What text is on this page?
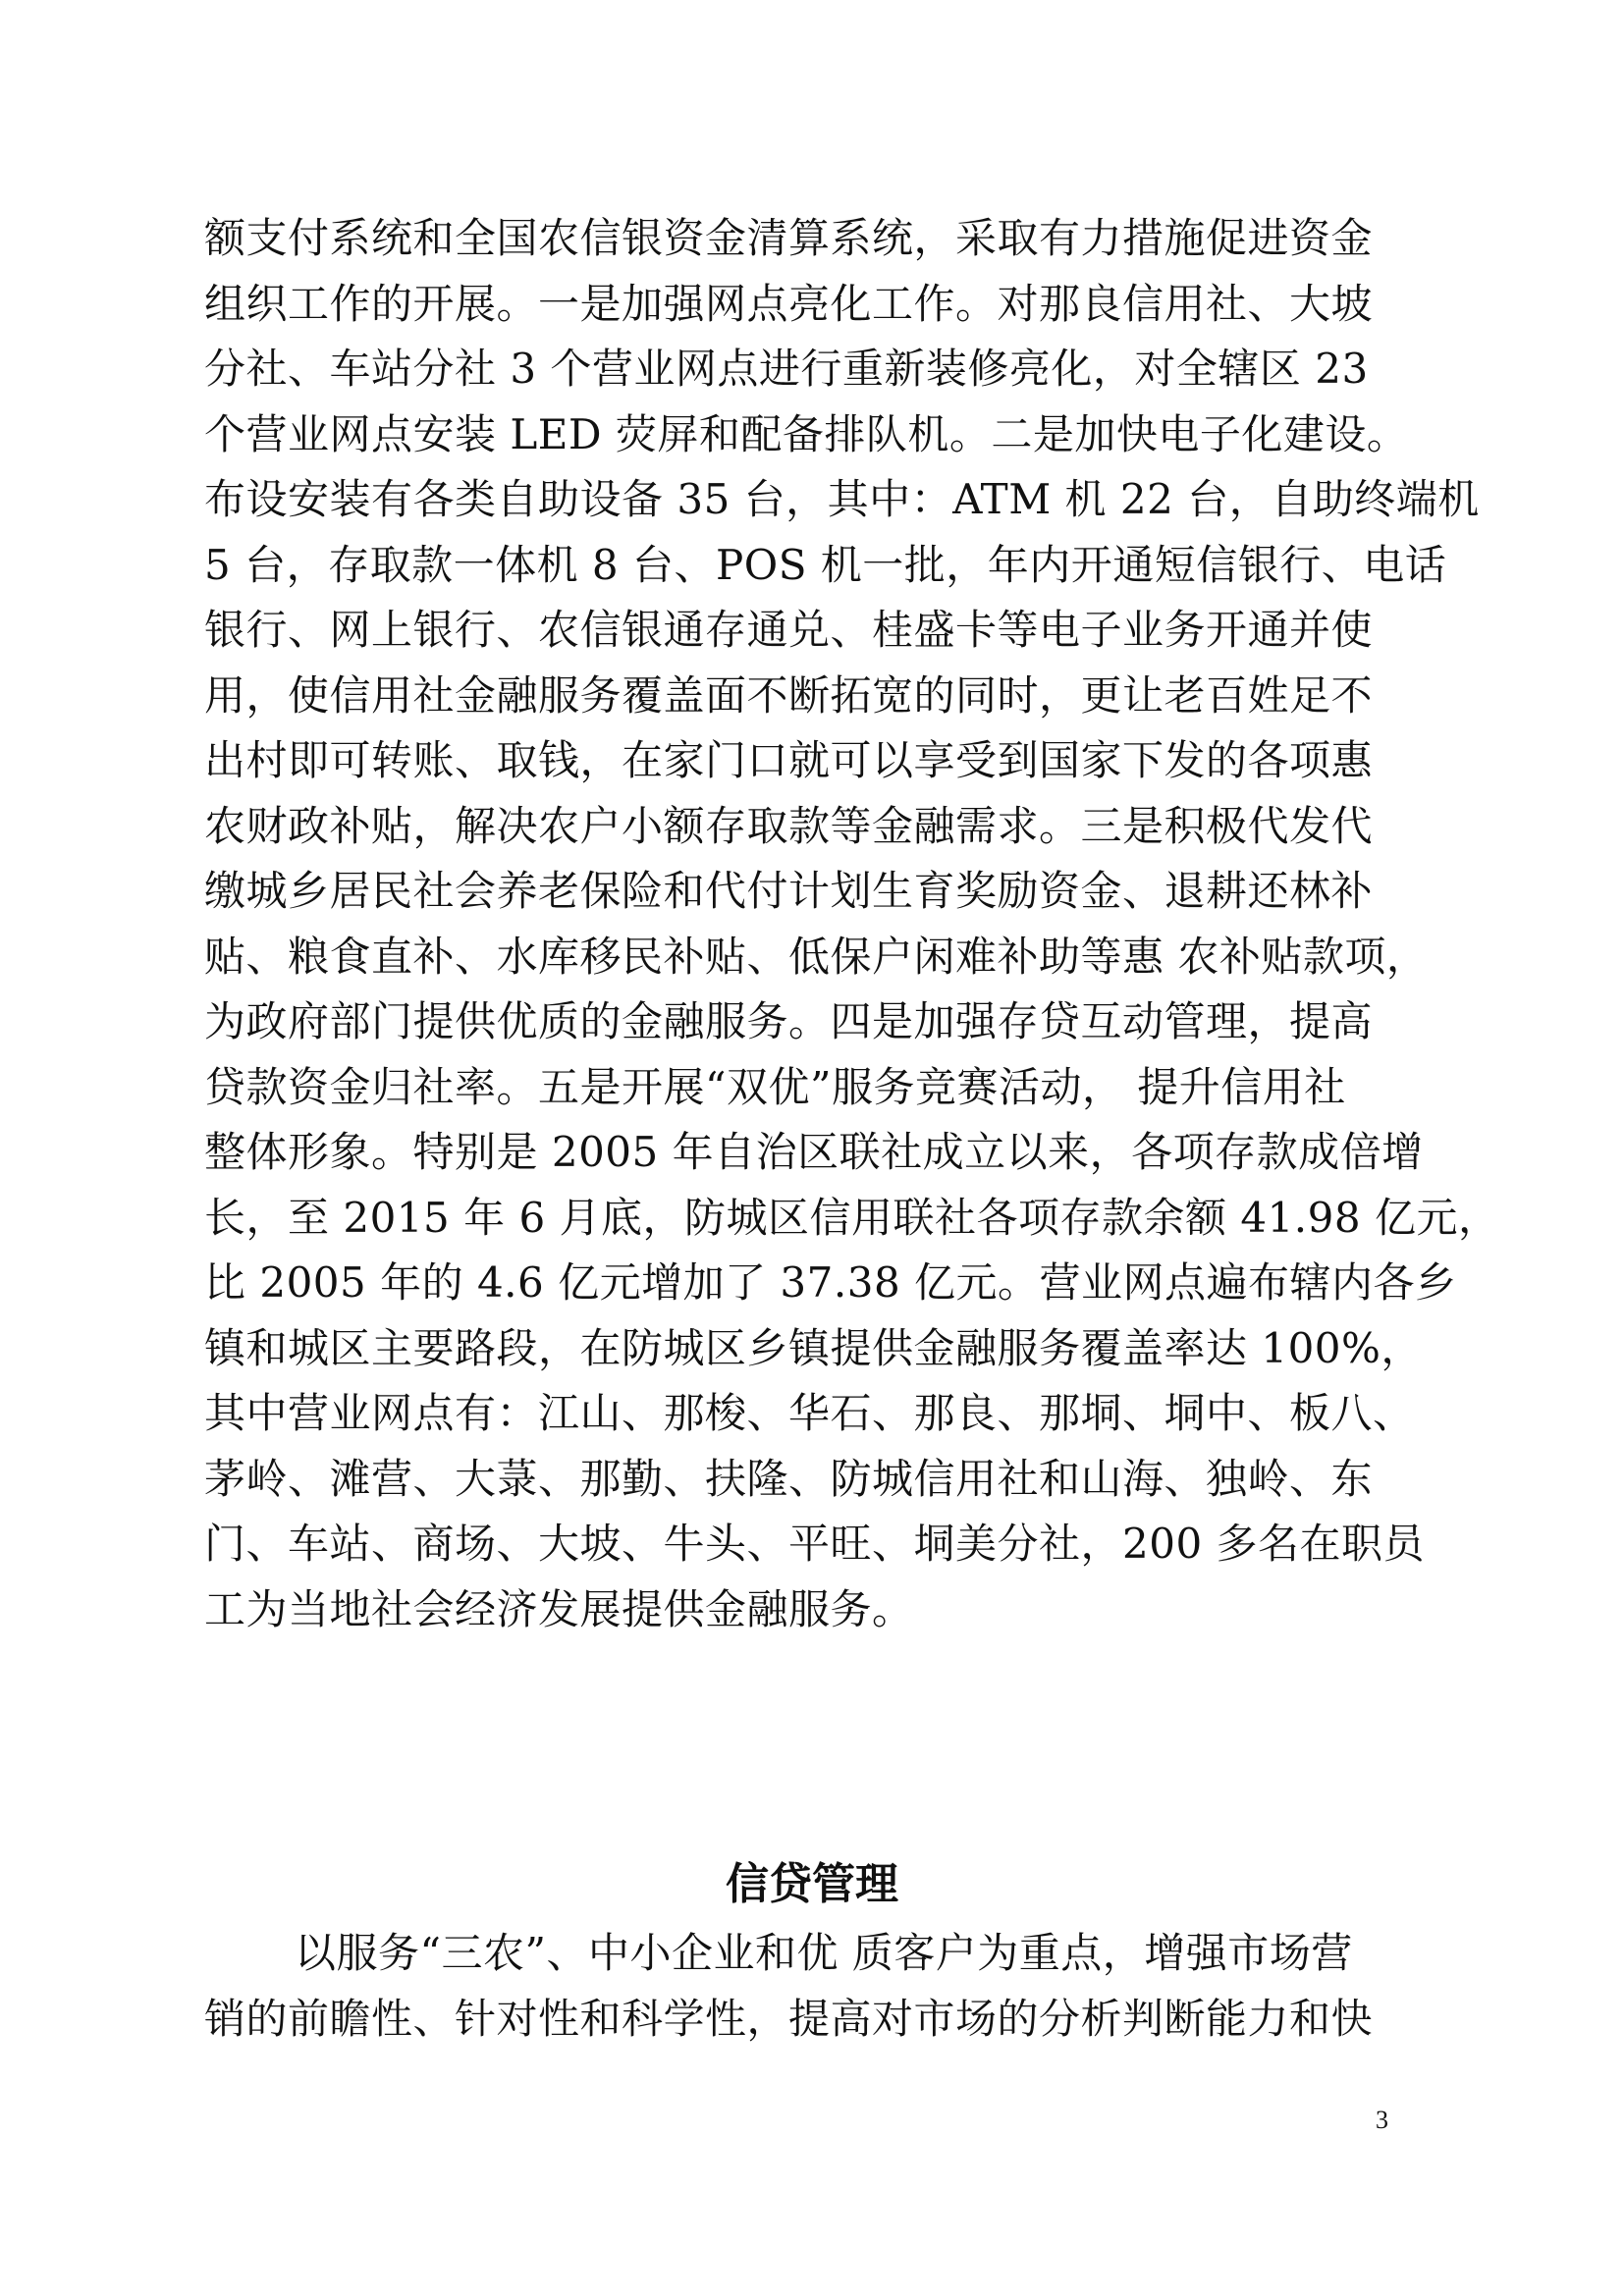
额支付系统和全国农信银资金清算系统，采取有力措施促进资金
组织工作的开展。一是加强网点亮化工作。对那良信用社、大坡
分社、车站分社 3 个营业网点进行重新装修亮化，对全辖区 23
个营业网点安装 LED 荧屏和配备排队机。二是加快电子化建设。
布设安装有各类自助设备 35 台，其中：ATM 机 22 台，自助终端机
5 台，存取款一体机 8 台、POS 机一批，年内开通短信银行、电话
银行、网上银行、农信银通存通兑、桂盛卡等电子业务开通并使
用，使信用社金融服务覆盖面不断拓宽的同时，更让老百姓足不
出村即可转账、取钱，在家门口就可以享受到国家下发的各项惠
农财政补贴，解决农户小额存取款等金融需求。三是积极代发代
缴城乡居民社会养老保险和代付计划生育奖励资金、退耕还林补
贴、粮食直补、水库移民补贴、低保户闲难补助等惠 农补贴款项，
为政府部门提供优质的金融服务。四是加强存贷互动管理，提高
贷款资金归社率。五是开展“双优”服务竞赛活动， 提升信用社
整体形象。特别是 2005 年自治区联社成立以来，各项存款成倍增
长，至 2015 年 6 月底，防城区信用联社各项存款余额 41.98 亿元，
比 2005 年的 4.6 亿元增加了 37.38 亿元。营业网点遍布辖内各乡
镇和城区主要路段，在防城区乡镇提供金融服务覆盖率达 100%，
其中营业网点有：江山、那梭、华石、那良、那垌、垌中、板八、
茅岭、滩营、大菉、那勤、扶隆、防城信用社和山海、独岭、东
门、车站、商场、大坡、牛头、平旺、垌美分社，200 多名在职员
工为当地社会经济发展提供金融服务。
信贷管理
以服务“三农”、中小企业和优 质客户为重点，增强市场营
销的前瞻性、针对性和科学性，提高对市场的分析判断能力和快
3
